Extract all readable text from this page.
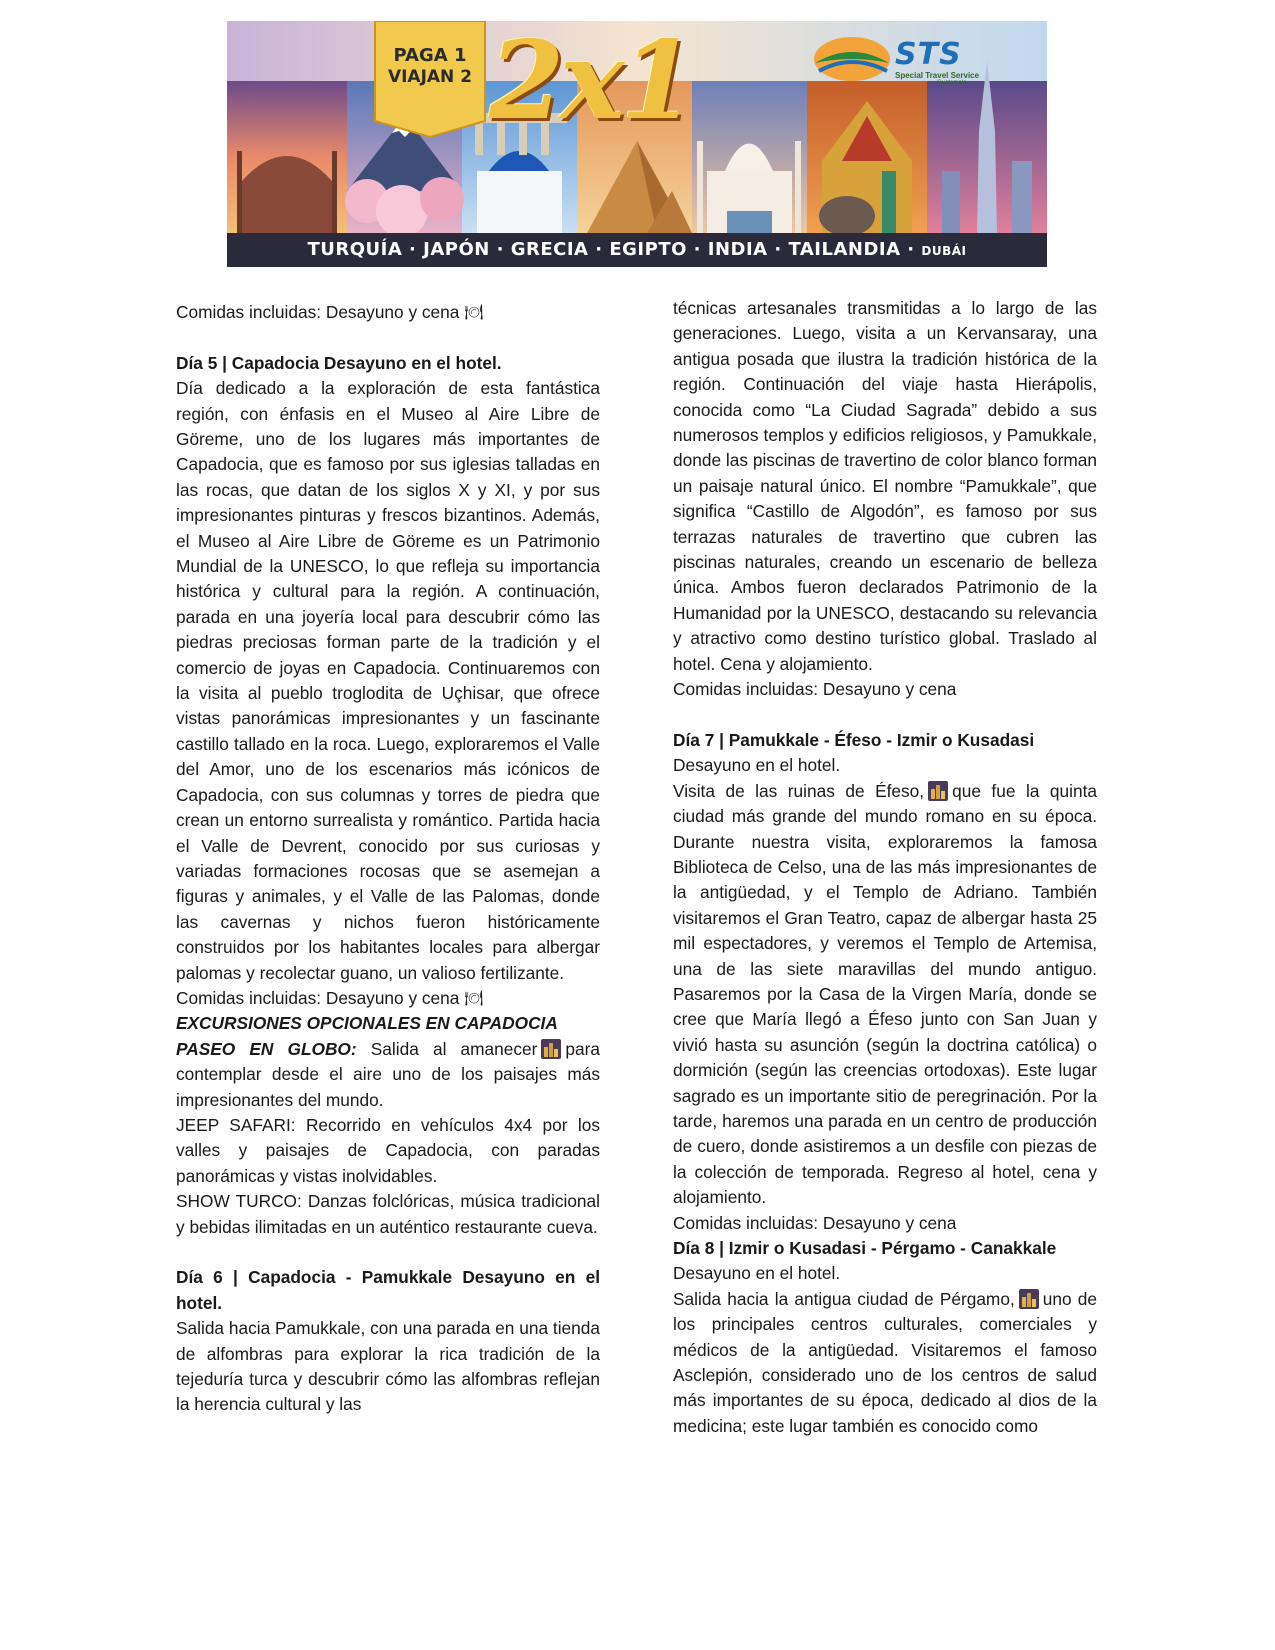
PAGA 1
VIAJAN 2 2x1	STS
Special Travel Service
Guatemala
TURQUÍA · JAPÓN · GRECIA · EGIPTO · INDIA · TAILANDIA · DUBÁI

Comidas incluidas: Desayuno y cena 🍽

Día 5 | Capadocia Desayuno en el hotel.

Día dedicado a la exploración de esta fantástica región, con énfasis en el Museo al Aire Libre de Göreme, uno de los lugares más importantes de Capadocia, que es famoso por sus iglesias talladas en las rocas, que datan de los siglos X y XI, y por sus impresionantes pinturas y frescos bizantinos. Además, el Museo al Aire Libre de Göreme es un Patrimonio Mundial de la UNESCO, lo que refleja su importancia histórica y cultural para la región. A continuación, parada en una joyería local para descubrir cómo las piedras preciosas forman parte de la tradición y el comercio de joyas en Capadocia. Continuaremos con la visita al pueblo troglodita de Uçhisar, que ofrece vistas panorámicas impresionantes y un fascinante castillo tallado en la roca. Luego, exploraremos el Valle del Amor, uno de los escenarios más icónicos de Capadocia, con sus columnas y torres de piedra que crean un entorno surrealista y romántico. Partida hacia el Valle de Devrent, conocido por sus curiosas y variadas formaciones rocosas que se asemejan a figuras y animales, y el Valle de las Palomas, donde las cavernas y nichos fueron históricamente construidos por los habitantes locales para albergar palomas y recolectar guano, un valioso fertilizante.

Comidas incluidas: Desayuno y cena 🍽

EXCURSIONES OPCIONALES EN CAPADOCIA

PASEO EN GLOBO: Salida al amanecer para contemplar desde el aire uno de los paisajes más impresionantes del mundo.

JEEP SAFARI: Recorrido en vehículos 4x4 por los valles y paisajes de Capadocia, con paradas panorámicas y vistas inolvidables.

SHOW TURCO: Danzas folclóricas, música tradicional y bebidas ilimitadas en un auténtico restaurante cueva.

Día 6 | Capadocia - Pamukkale Desayuno en el hotel.

Salida hacia Pamukkale, con una parada en una tienda de alfombras para explorar la rica tradición de la tejeduría turca y descubrir cómo las alfombras reflejan la herencia cultural y las

técnicas artesanales transmitidas a lo largo de las generaciones. Luego, visita a un Kervansaray, una antigua posada que ilustra la tradición histórica de la región. Continuación del viaje hasta Hierápolis, conocida como “La Ciudad Sagrada” debido a sus numerosos templos y edificios religiosos, y Pamukkale, donde las piscinas de travertino de color blanco forman un paisaje natural único. El nombre “Pamukkale”, que significa “Castillo de Algodón”, es famoso por sus terrazas naturales de travertino que cubren las piscinas naturales, creando un escenario de belleza única. Ambos fueron declarados Patrimonio de la Humanidad por la UNESCO, destacando su relevancia y atractivo como destino turístico global. Traslado al hotel. Cena y alojamiento.

Comidas incluidas: Desayuno y cena

Día 7 | Pamukkale - Éfeso - Izmir o Kusadasi

Desayuno en el hotel.

Visita de las ruinas de Éfeso, que fue la quinta ciudad más grande del mundo romano en su época. Durante nuestra visita, exploraremos la famosa Biblioteca de Celso, una de las más impresionantes de la antigüedad, y el Templo de Adriano. También visitaremos el Gran Teatro, capaz de albergar hasta 25 mil espectadores, y veremos el Templo de Artemisa, una de las siete maravillas del mundo antiguo. Pasaremos por la Casa de la Virgen María, donde se cree que María llegó a Éfeso junto con San Juan y vivió hasta su asunción (según la doctrina católica) o dormición (según las creencias ortodoxas). Este lugar sagrado es un importante sitio de peregrinación. Por la tarde, haremos una parada en un centro de producción de cuero, donde asistiremos a un desfile con piezas de la colección de temporada. Regreso al hotel, cena y alojamiento.

Comidas incluidas: Desayuno y cena

Día 8 | Izmir o Kusadasi - Pérgamo - Canakkale

Desayuno en el hotel.

Salida hacia la antigua ciudad de Pérgamo, uno de los principales centros culturales, comerciales y médicos de la antigüedad. Visitaremos el famoso Asclepión, considerado uno de los centros de salud más importantes de su época, dedicado al dios de la medicina; este lugar también es conocido como
